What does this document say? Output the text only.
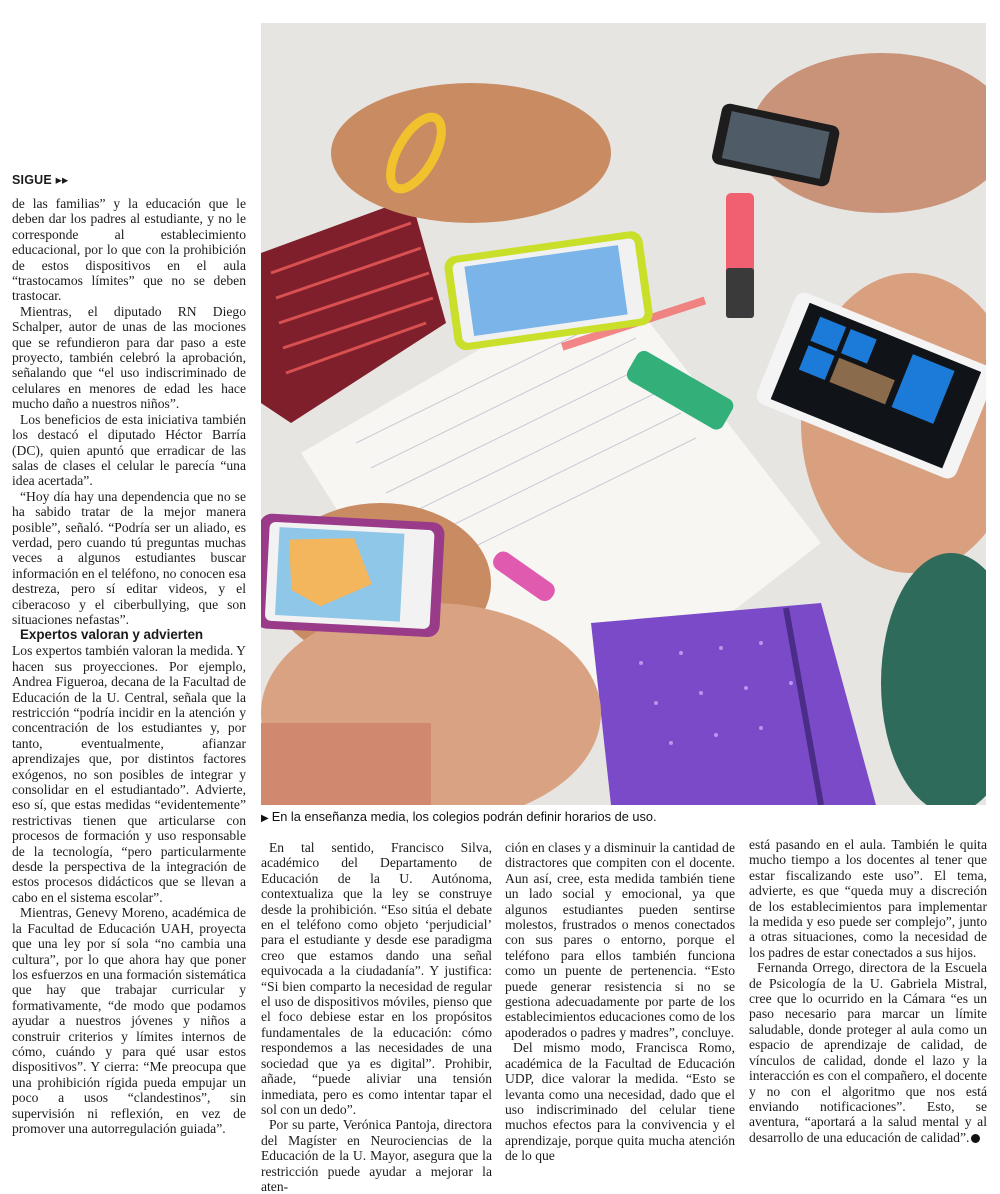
SIGUE ▸▸

de las familias” y la educación que le deben dar los padres al estudiante, y no le corresponde al establecimiento educacional, por lo que con la prohibición de estos dispositivos en el aula “trastocamos límites” que no se deben trastocar.

Mientras, el diputado RN Diego Schalper, autor de unas de las mociones que se refundieron para dar paso a este proyecto, también celebró la aprobación, señalando que “el uso indiscriminado de celulares en menores de edad les hace mucho daño a nuestros niños”.

Los beneficios de esta iniciativa también los destacó el diputado Héctor Barría (DC), quien apuntó que erradicar de las salas de clases el celular le parecía “una idea acertada”.

“Hoy día hay una dependencia que no se ha sabido tratar de la mejor manera posible”, señaló. “Podría ser un aliado, es verdad, pero cuando tú preguntas muchas veces a algunos estudiantes buscar información en el teléfono, no conocen esa destreza, pero sí editar videos, y el ciberacoso y el ciberbullying, que son situaciones nefastas”.

Expertos valoran y advierten

Los expertos también valoran la medida. Y hacen sus proyecciones. Por ejemplo, Andrea Figueroa, decana de la Facultad de Educación de la U. Central, señala que la restricción “podría incidir en la atención y concentración de los estudiantes y, por tanto, eventualmente, afianzar aprendizajes que, por distintos factores exógenos, no son posibles de integrar y consolidar en el estudiantado”. Advierte, eso sí, que estas medidas “evidentemente” restrictivas tienen que articularse con procesos de formación y uso responsable de la tecnología, “pero particularmente desde la perspectiva de la integración de estos procesos didácticos que se llevan a cabo en el sistema escolar”.

Mientras, Genevy Moreno, académica de la Facultad de Educación UAH, proyecta que una ley por sí sola “no cambia una cultura”, por lo que ahora hay que poner los esfuerzos en una formación sistemática que hay que trabajar curricular y formativamente, “de modo que podamos ayudar a nuestros jóvenes y niños a construir criterios y límites internos de cómo, cuándo y para qué usar estos dispositivos”. Y cierra: “Me preocupa que una prohibición rígida pueda empujar un poco a usos “clandestinos”, sin supervisión ni reflexión, en vez de promover una autorregulación guiada”.

▶ En la enseñanza media, los colegios podrán definir horarios de uso.

En tal sentido, Francisco Silva, académico del Departamento de Educación de la U. Autónoma, contextualiza que la ley se construye desde la prohibición. “Eso sitúa el debate en el teléfono como objeto ‘perjudicial’ para el estudiante y desde ese paradigma creo que estamos dando una señal equivocada a la ciudadanía”. Y justifica: “Si bien comparto la necesidad de regular el uso de dispositivos móviles, pienso que el foco debiese estar en los propósitos fundamentales de la educación: cómo respondemos a las necesidades de una sociedad que ya es digital”. Prohibir, añade, “puede aliviar una tensión inmediata, pero es como intentar tapar el sol con un dedo”.

Por su parte, Verónica Pantoja, directora del Magíster en Neurociencias de la Educación de la U. Mayor, asegura que la restricción puede ayudar a mejorar la aten-

ción en clases y a disminuir la cantidad de distractores que compiten con el docente. Aun así, cree, esta medida también tiene un lado social y emocional, ya que algunos estudiantes pueden sentirse molestos, frustrados o menos conectados con sus pares o entorno, porque el teléfono para ellos también funciona como un puente de pertenencia. “Esto puede generar resistencia si no se gestiona adecuadamente por parte de los establecimientos educaciones como de los apoderados o padres y madres”, concluye.

Del mismo modo, Francisca Romo, académica de la Facultad de Educación UDP, dice valorar la medida. “Esto se levanta como una necesidad, dado que el uso indiscriminado del celular tiene muchos efectos para la convivencia y el aprendizaje, porque quita mucha atención de lo que

está pasando en el aula. También le quita mucho tiempo a los docentes al tener que estar fiscalizando este uso”. El tema, advierte, es que “queda muy a discreción de los establecimientos para implementar la medida y eso puede ser complejo”, junto a otras situaciones, como la necesidad de los padres de estar conectados a sus hijos.

Fernanda Orrego, directora de la Escuela de Psicología de la U. Gabriela Mistral, cree que lo ocurrido en la Cámara “es un paso necesario para marcar un límite saludable, donde proteger al aula como un espacio de aprendizaje de calidad, de vínculos de calidad, donde el lazo y la interacción es con el compañero, el docente y no con el algoritmo que nos está enviando notificaciones”. Esto, se aventura, “aportará a la salud mental y al desarrollo de una educación de calidad”.
